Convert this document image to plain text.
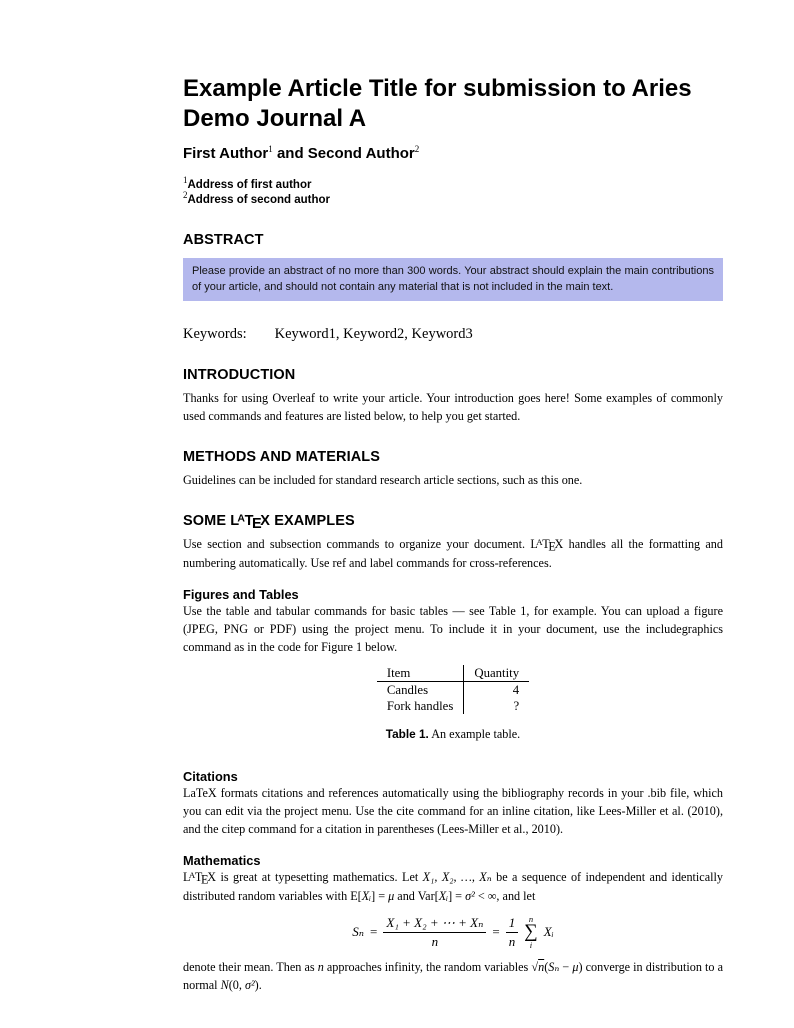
Example Article Title for submission to Aries Demo Journal A
First Author$^1$ and Second Author$^2$
$^1$Address of first author
$^2$Address of second author
ABSTRACT
Please provide an abstract of no more than 300 words. Your abstract should explain the main contributions of your article, and should not contain any material that is not included in the main text.
Keywords: Keyword1, Keyword2, Keyword3
INTRODUCTION

Thanks for using Overleaf to write your article. Your introduction goes here! Some examples of commonly used commands and features are listed below, to help you get started.

METHODS AND MATERIALS

Guidelines can be included for standard research article sections, such as this one.

SOME LATEX EXAMPLES

Use section and subsection commands to organize your document. LATEX handles all the formatting and numbering automatically. Use ref and label commands for cross-references.

Figures and Tables

Use the table and tabular commands for basic tables — see Table 1, for example. You can upload a figure (JPEG, PNG or PDF) using the project menu. To include it in your document, use the includegraphics command as in the code for Figure 1 below.

Item	Quantity
Candles	4
Fork handles	?
Table 1. An example table.
Citations

LaTeX formats citations and references automatically using the bibliography records in your .bib file, which you can edit via the project menu. Use the cite command for an inline citation, like Lees-Miller et al. (2010), and the citep command for a citation in parentheses (Lees-Miller et al., 2010).

Mathematics

LATEX is great at typesetting mathematics. Let X₁, X₂, …, Xₙ be a sequence of independent and identically distributed random variables with E[Xᵢ] = μ and Var[Xᵢ] = σ² < ∞, and let

$S_n = \frac{\text{X₁ + X₂ + ⋯ + Xₙ}}{n} = \frac{1}{n}$ n
∑
i
Xᵢ

denote their mean. Then as n approaches infinity, the random variables √n(Sₙ − μ) converge in distribution to a normal N(0, σ²).
